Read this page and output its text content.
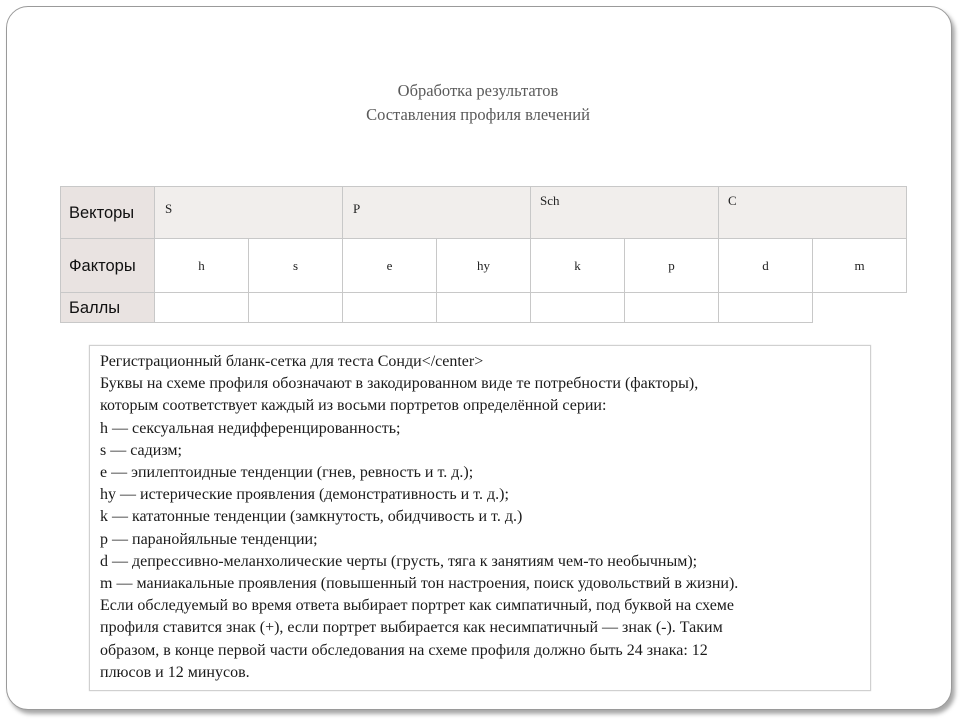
Обработка результатов
Составления профиля влечений
Векторы	S		P		Sch		C	
Факторы	h	s	e	hy	k	p	d	m
Баллы								
Регистрационный бланк-сетка для теста Сонди</center>
Буквы на схеме профиля обозначают в закодированном виде те потребности (факторы),
которым соответствует каждый из восьми портретов определённой серии:
h — сексуальная недифференцированность;
s — садизм;
e — эпилептоидные тенденции (гнев, ревность и т. д.);
hy — истерические проявления (демонстративность и т. д.);
k — кататонные тенденции (замкнутость, обидчивость и т. д.)
p — паранойяльные тенденции;
d — депрессивно-меланхолические черты (грусть, тяга к занятиям чем-то необычным);
m — маниакальные проявления (повышенный тон настроения, поиск удовольствий в жизни).
Если обследуемый во время ответа выбирает портрет как симпатичный, под буквой на схеме
профиля ставится знак (+), если портрет выбирается как несимпатичный — знак (-). Таким
образом, в конце первой части обследования на схеме профиля должно быть 24 знака: 12
плюсов и 12 минусов.
